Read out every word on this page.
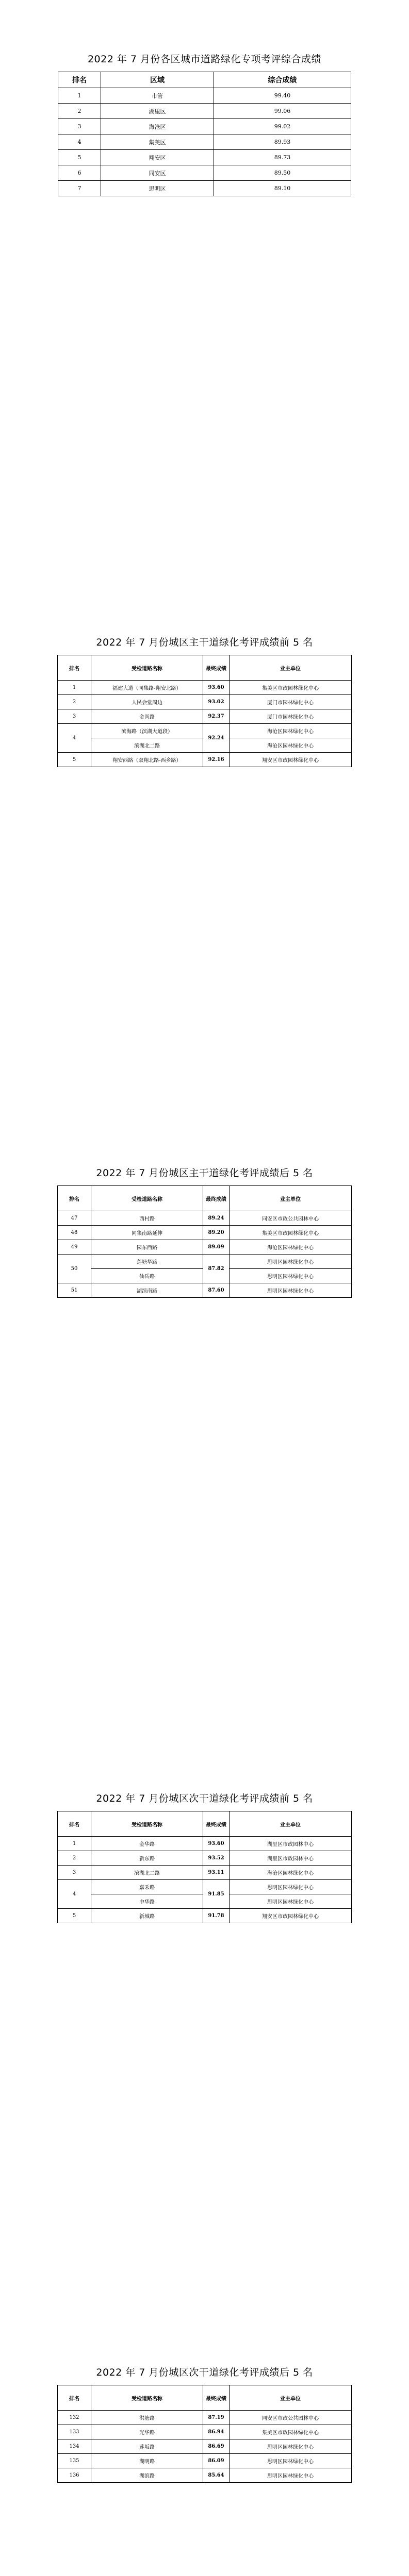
2022 年 7 月份各区城市道路绿化专项考评综合成绩
排名	区域	综合成绩
1	市管	99.40
2	湖里区	99.06
3	海沧区	99.02
4	集美区	89.93
5	翔安区	89.73
6	同安区	89.50
7	思明区	89.10
2022 年 7 月份城区主干道绿化考评成绩前 5 名
排名	受检道路名称	最终成绩	业主单位
1	福建大道（同集路-翔安北路）	93.60	集美区市政园林绿化中心
2	人民会堂周边	93.02	厦门市园林绿化中心
3	金尚路	92.37	厦门市园林绿化中心
4	滨海路（滨湖大道段）	92.24	海沧区园林绿化中心
	滨湖北二路		海沧区园林绿化中心
5	翔安西路（双翔北路-西乡路）	92.16	翔安区市政园林绿化中心
2022 年 7 月份城区主干道绿化考评成绩后 5 名
排名	受检道路名称	最终成绩	业主单位
47	西村路	89.24	同安区市政公共园林中心
48	同集南路延伸	89.20	集美区市政园林绿化中心
49	园东西路	89.09	海沧区园林绿化中心
50	莲塘华路	87.82	思明区园林绿化中心
	仙岳路		思明区园林绿化中心
51	湖滨南路	87.60	思明区园林绿化中心
2022 年 7 月份城区次干道绿化考评成绩前 5 名
排名	受检道路名称	最终成绩	业主单位
1	金华路	93.60	湖里区市政园林中心
2	新东路	93.52	湖里区市政园林中心
3	滨湖北二路	93.11	海沧区园林绿化中心
4	嘉禾路	91.85	思明区园林绿化中心
	中华路		思明区园林绿化中心
5	新城路	91.78	翔安区市政园林绿化中心
2022 年 7 月份城区次干道绿化考评成绩后 5 名
排名	受检道路名称	最终成绩	业主单位
132	洪塘路	87.19	同安区市政公共园林中心
133	光华路	86.94	集美区市政园林绿化中心
134	莲坂路	86.69	思明区园林绿化中心
135	湖明路	86.09	思明区园林绿化中心
136	湖滨路	85.64	思明区园林绿化中心
